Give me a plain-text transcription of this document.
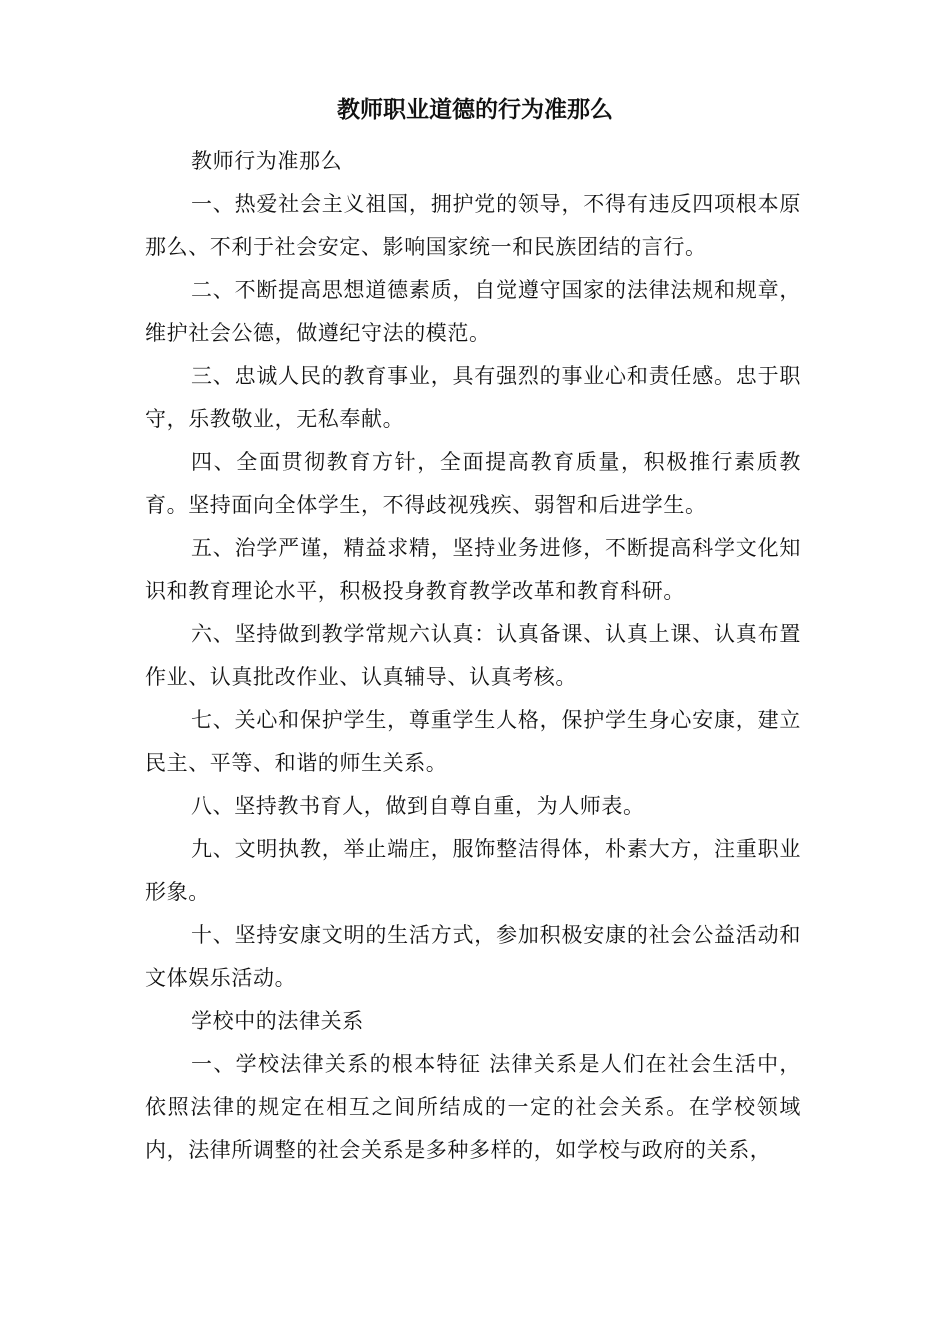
教师职业道德的行为准那么

教师行为准那么

一、热爱社会主义祖国，拥护党的领导，不得有违反四项根本原那么、不利于社会安定、影响国家统一和民族团结的言行。

二、不断提高思想道德素质，自觉遵守国家的法律法规和规章，维护社会公德，做遵纪守法的模范。

三、忠诚人民的教育事业，具有强烈的事业心和责任感。忠于职守，乐教敬业，无私奉献。

四、全面贯彻教育方针，全面提高教育质量，积极推行素质教育。坚持面向全体学生，不得歧视残疾、弱智和后进学生。

五、治学严谨，精益求精，坚持业务进修，不断提高科学文化知识和教育理论水平，积极投身教育教学改革和教育科研。

六、坚持做到教学常规六认真：认真备课、认真上课、认真布置作业、认真批改作业、认真辅导、认真考核。

七、关心和保护学生，尊重学生人格，保护学生身心安康，建立民主、平等、和谐的师生关系。

八、坚持教书育人，做到自尊自重，为人师表。

九、文明执教，举止端庄，服饰整洁得体，朴素大方，注重职业形象。

十、坚持安康文明的生活方式，参加积极安康的社会公益活动和文体娱乐活动。

学校中的法律关系

一、学校法律关系的根本特征 法律关系是人们在社会生活中，依照法律的规定在相互之间所结成的一定的社会关系。在学校领域内，法律所调整的社会关系是多种多样的，如学校与政府的关系，
